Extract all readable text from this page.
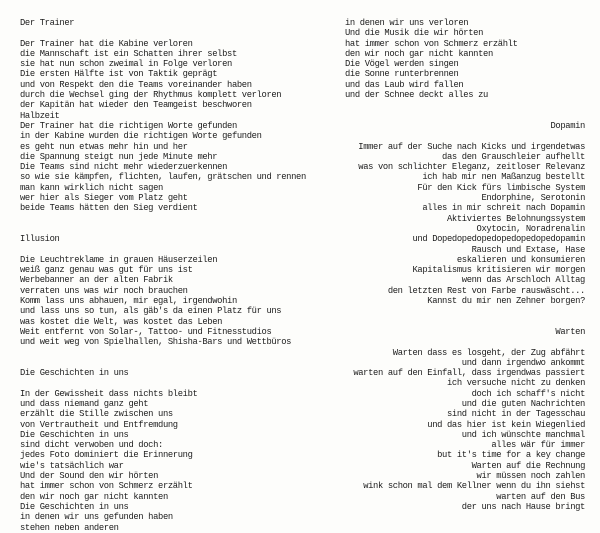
Der Trainer
Der Trainer hat die Kabine verloren
die Mannschaft ist ein Schatten ihrer selbst
sie hat nun schon zweimal in Folge verloren
Die ersten Hälfte ist von Taktik geprägt
und von Respekt den die Teams voreinander haben
durch die Wechsel ging der Rhythmus komplett verloren
der Kapitän hat wieder den Teamgeist beschworen
Halbzeit
Der Trainer hat die richtigen Worte gefunden
in der Kabine wurden die richtigen Worte gefunden
es geht nun etwas mehr hin und her
die Spannung steigt nun jede Minute mehr
Die Teams sind nicht mehr wiederzuerkennen
so wie sie kämpfen, flichten, laufen, grätschen und rennen
man kann wirklich nicht sagen
wer hier als Sieger vom Platz geht
beide Teams hätten den Sieg verdient
Illusion
Die Leuchtreklame in grauen Häuserzeilen
weiß ganz genau was gut für uns ist
Werbebanner an der alten Fabrik
verraten uns was wir noch brauchen
Komm lass uns abhauen, mir egal, irgendwohin
und lass uns so tun, als gäb's da einen Platz für uns
was kostet die Welt, was kostet das Leben
Weit entfernt von Solar-, Tattoo- und Fitnesstudios
und weit weg von Spielhallen, Shisha-Bars und Wettbüros
Die Geschichten in uns
In der Gewissheit dass nichts bleibt
und dass niemand ganz geht
erzählt die Stille zwischen uns
von Vertrautheit und Entfremdung
Die Geschichten in uns
sind dicht verwoben und doch:
jedes Foto dominiert die Erinnerung
wie's tatsächlich war
Und der Sound den wir hörten
hat immer schon von Schmerz erzählt
den wir noch gar nicht kannten
Die Geschichten in uns
in denen wir uns gefunden haben
stehen neben anderen
in denen wir uns verloren
Und die Musik die wir hörten
hat immer schon von Schmerz erzählt
den wir noch gar nicht kannten
Die Vögel werden singen
die Sonne runterbrennen
und das Laub wird fallen
und der Schnee deckt alles zu
Dopamin
Immer auf der Suche nach Kicks und irgendetwas
das den Grauschleier aufhellt
was von schlichter Eleganz, zeitloser Relevanz
ich hab mir nen Maßanzug bestellt
Für den Kick fürs limbische System
Endorphine, Serotonin
alles in mir schreit nach Dopamin
Aktiviertes Belohnungssystem
Oxytocin, Noradrenalin
und Dopedopedopedopedopedopedopamin
Rausch und Extase, Hase
eskalieren und konsumieren
Kapitalismus kritisieren wir morgen
wenn das Arschloch Alltag
den letzten Rest von Farbe rauswäscht...
Kannst du mir nen Zehner borgen?
Warten
Warten dass es losgeht, der Zug abfährt
und dann irgendwo ankommt
warten auf den Einfall, dass irgendwas passiert
ich versuche nicht zu denken
doch ich schaff's nicht
und die guten Nachrichten
sind nicht in der Tagesschau
und das hier ist kein Wiegenlied
und ich wünschte manchmal
alles wär für immer
but it's time for a key change
Warten auf die Rechnung
wir müssen noch zahlen
wink schon mal dem Kellner wenn du ihn siehst
warten auf den Bus
der uns nach Hause bringt
